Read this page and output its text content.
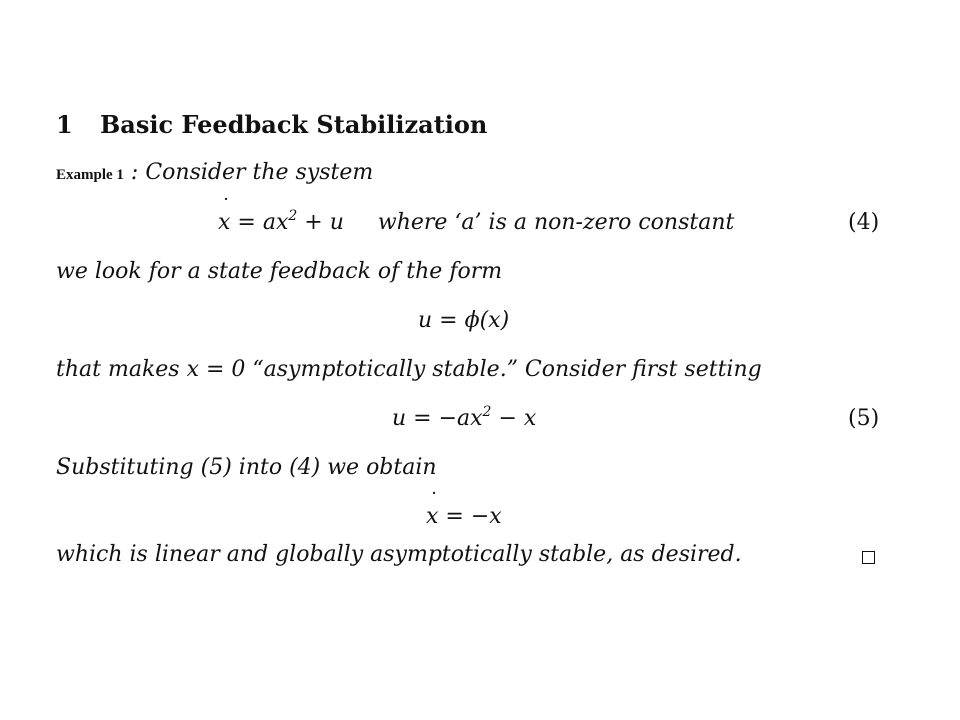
1 Basic Feedback Stabilization
Example 1 : Consider the system
˙ $x = ax^2 + u$ where ‘a’ is a non-zero constant	(4)
we look for a state feedback of the form
u = ϕ(x)
that makes x = 0 “asymptotically stable.” Consider first setting
$u = -ax^2 - x$	(5)
Substituting (5) into (4) we obtain
˙ x = −x
which is linear and globally asymptotically stable, as desired.
